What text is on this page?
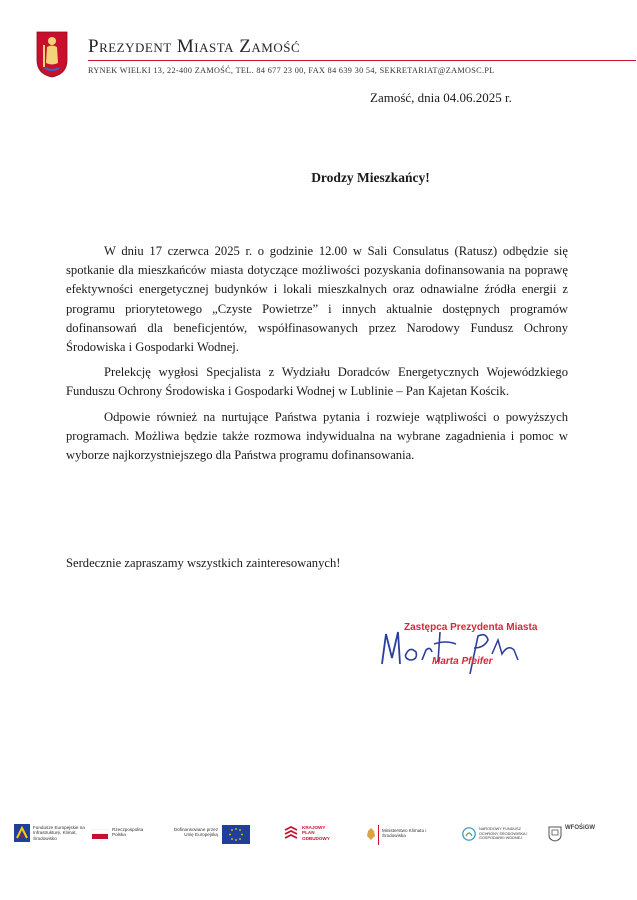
Prezydent Miasta Zamość
RYNEK WIELKI 13, 22-400 ZAMOŚĆ, TEL. 84 677 23 00, FAX 84 639 30 54, SEKRETARIAT@ZAMOSC.PL
Zamość, dnia 04.06.2025 r.
Drodzy Mieszkańcy!

W dniu 17 czerwca 2025 r. o godzinie 12.00 w Sali Consulatus (Ratusz) odbędzie się spotkanie dla mieszkańców miasta dotyczące możliwości pozyskania dofinansowania na poprawę efektywności energetycznej budynków i lokali mieszkalnych oraz odnawialne źródła energii z programu priorytetowego „Czyste Powietrze” i innych aktualnie dostępnych programów dofinansowań dla beneficjentów, współfinasowanych przez Narodowy Fundusz Ochrony Środowiska i Gospodarki Wodnej.

Prelekcję wygłosi Specjalista z Wydziału Doradców Energetycznych Wojewódzkiego Funduszu Ochrony Środowiska i Gospodarki Wodnej w Lublinie – Pan Kajetan Kościk.

Odpowie również na nurtujące Państwa pytania i rozwieje wątpliwości o powyższych programach. Możliwa będzie także rozmowa indywidualna na wybrane zagadnienia i pomoc w wyborze najkorzystniejszego dla Państwa programu dofinansowania.

Serdecznie zapraszamy wszystkich zainteresowanych!
Zastępca Prezydenta Miasta
Marta Pfeifer
Fundusze Europejskie na Infrastrukturę, Klimat, Środowisko
Rzeczpospolita Polska
Dofinansowane przez Unię Europejską
KRAJOWY PLAN ODBUDOWY
Ministerstwo Klimatu i Środowiska
NARODOWY FUNDUSZ OCHRONY ŚRODOWISKA I GOSPODARKI WODNEJ
WFOŚiGW
